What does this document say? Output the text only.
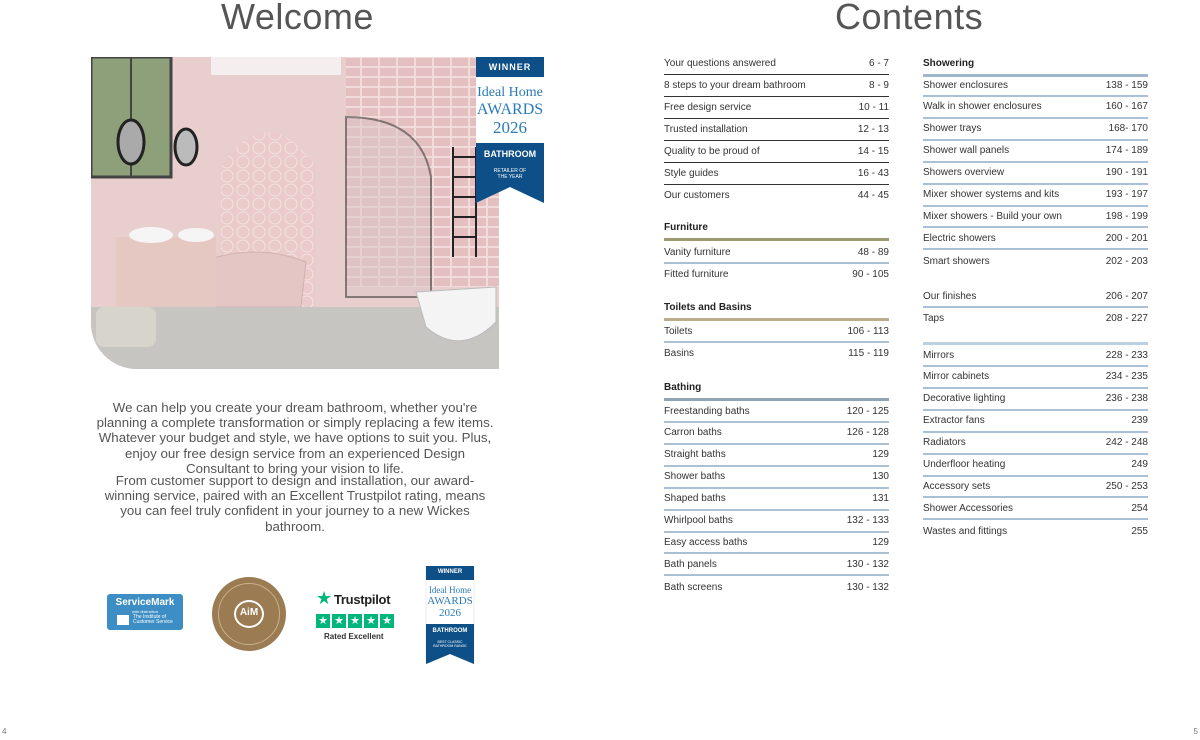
Welcome
WINNER
Ideal Home
AWARDS
2026
BATHROOM
RETAILER OF THE YEAR

We can help you create your dream bathroom, whether you're planning a complete transformation or simply replacing a few items. Whatever your budget and style, we have options to suit you. Plus, enjoy our free design service from an experienced Design Consultant to bring your vision to life.

From customer support to design and installation, our award-winning service, paired with an Excellent Trustpilot rating, means you can feel truly confident in your journey to a new Wickes bathroom.

ServiceMark
with distinction
The Institute of Customer Service
AiM
★ Trustpilot
★ ★ ★ ★ ★
Rated Excellent
WINNER
Ideal Home
AWARDS
2026
BATHROOM
BEST CLASSIC BATHROOM RANGE
4
Contents
Your questions answered	6 - 7
8 steps to your dream bathroom	8 - 9
Free design service	10 - 11
Trusted installation	12 - 13
Quality to be proud of	14 - 15
Style guides	16 - 43
Our customers	44 - 45
Furniture
Vanity furniture	48 - 89
Fitted furniture	90 - 105
Toilets and Basins
Toilets	106 - 113
Basins	115 - 119
Bathing
Freestanding baths	120 - 125
Carron baths	126 - 128
Straight baths	129
Shower baths	130
Shaped baths	131
Whirlpool baths	132 - 133
Easy access baths	129
Bath panels	130 - 132
Bath screens	130 - 132
Showering
Shower enclosures	138 - 159
Walk in shower enclosures	160 - 167
Shower trays	168- 170
Shower wall panels	174 - 189
Showers overview	190 - 191
Mixer shower systems and kits	193 - 197
Mixer showers - Build your own	198 - 199
Electric showers	200 - 201
Smart showers	202 - 203
Our finishes	206 - 207
Taps	208 - 227
Mirrors	228 - 233
Mirror cabinets	234 - 235
Decorative lighting	236 - 238
Extractor fans	239
Radiators	242 - 248
Underfloor heating	249
Accessory sets	250 - 253
Shower Accessories	254
Wastes and fittings	255
5
